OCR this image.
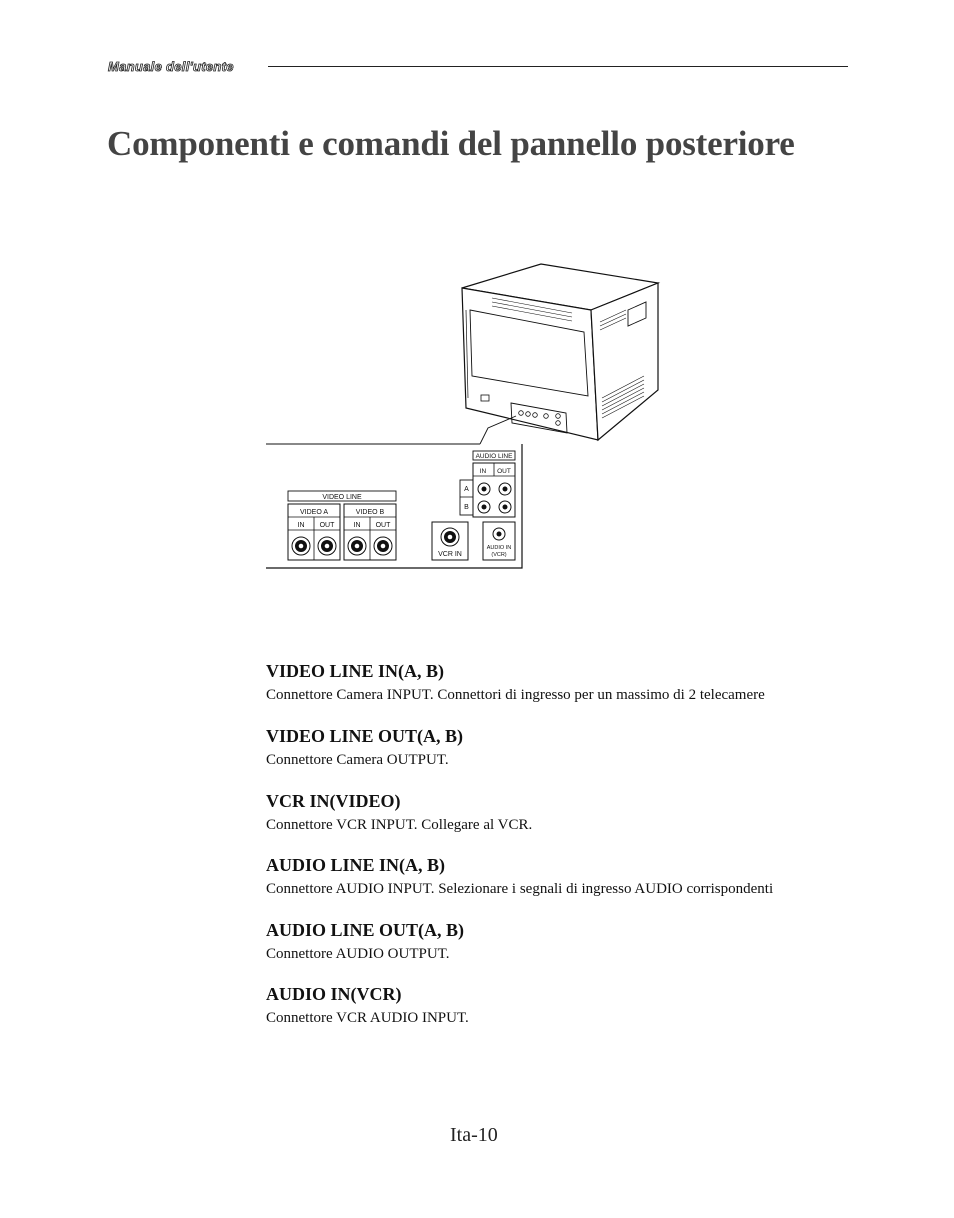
Manuale dell'utente
Componenti e comandi del pannello posteriore
VIDEO LINE
VIDEO A
IN OUT
VIDEO B
IN OUT
AUDIO LINE
IN OUT
A
B
VCR IN
AUDIO IN
(VCR)
VIDEO LINE IN(A, B)

Connettore Camera INPUT. Connettori di ingresso per un massimo di 2 telecamere

VIDEO LINE OUT(A, B)

Connettore Camera OUTPUT.

VCR IN(VIDEO)

Connettore VCR INPUT. Collegare al VCR.

AUDIO LINE IN(A, B)

Connettore AUDIO INPUT. Selezionare i segnali di ingresso AUDIO corrispondenti

AUDIO LINE OUT(A, B)

Connettore AUDIO OUTPUT.

AUDIO IN(VCR)

Connettore VCR AUDIO INPUT.

Ita-10
